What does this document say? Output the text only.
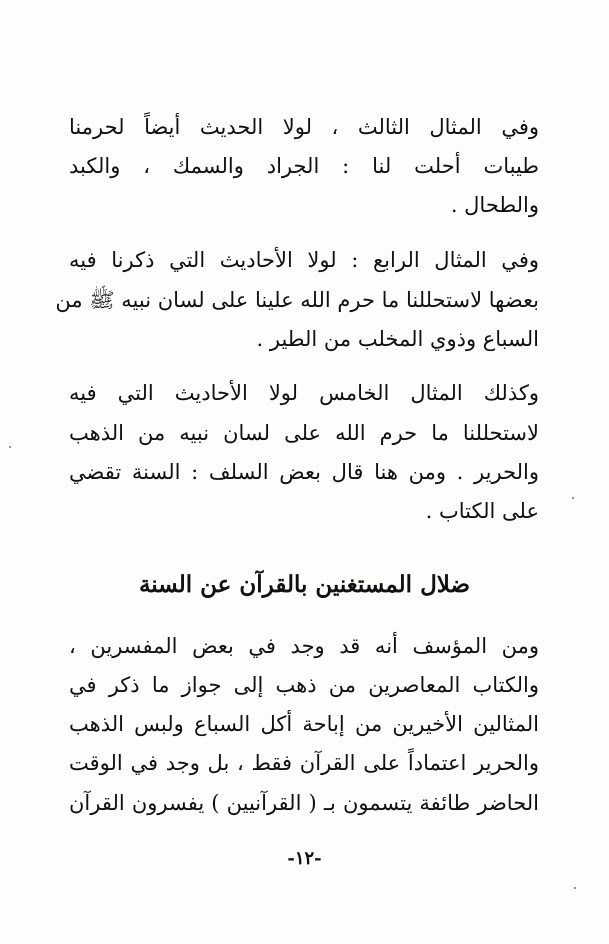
وفي المثال الثالث ، لولا الحديث أيضاً لحرمنا
طيبات أحلت لنا : الجراد والسمك ، والكبد
والطحال .
وفي المثال الرابع : لولا الأحاديث التي ذكرنا فيه
بعضها لاستحللنا ما حرم الله علينا على لسان نبيه ﷺ من
السباع وذوي المخلب من الطير .
وكذلك المثال الخامس لولا الأحاديث التي فيه
لاستحللنا ما حرم الله على لسان نبيه من الذهب
والحرير . ومن هنا قال بعض السلف : السنة تقضي
على الكتاب .
ضلال المستغنين بالقرآن عن السنة
ومن المؤسف أنه قد وجد في بعض المفسرين ،
والكتاب المعاصرين من ذهب إلى جواز ما ذكر في
المثالين الأخيرين من إباحة أكل السباع ولبس الذهب
والحرير اعتماداً على القرآن فقط ، بل وجد في الوقت
الحاضر طائفة يتسمون بـ ( القرآنيين ) يفسرون القرآن
-١٢-
